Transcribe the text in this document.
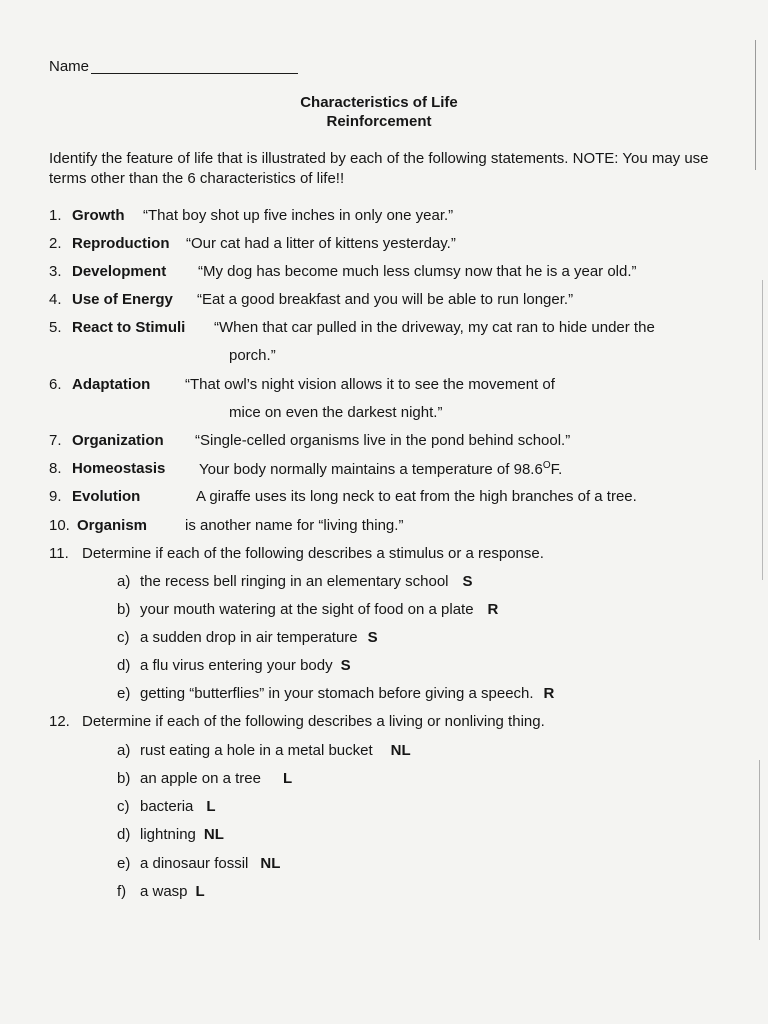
Name
Characteristics of Life
Reinforcement
Identify the feature of life that is illustrated by each of the following statements. NOTE: You may use terms other than the 6 characteristics of life!!
1. Growth “That boy shot up five inches in only one year.”
2. Reproduction “Our cat had a litter of kittens yesterday.”
3. Development “My dog has become much less clumsy now that he is a year old.”
4. Use of Energy “Eat a good breakfast and you will be able to run longer.”
5. React to Stimuli “When that car pulled in the driveway, my cat ran to hide under the
porch.”
6. Adaptation “That owl’s night vision allows it to see the movement of
mice on even the darkest night.”
7. Organization “Single-celled organisms live in the pond behind school.”
8. Homeostasis Your body normally maintains a temperature of $98.6^OF$.
9. Evolution	A giraffe uses its long neck to eat from the high branches of a tree.
10. Organism	is another name for “living thing.”
11. Determine if each of the following describes a stimulus or a response.
a) the recess bell ringing in an elementary school S
b) your mouth watering at the sight of food on a plate R
c) a sudden drop in air temperature S
d) a flu virus entering your body S
e) getting “butterflies” in your stomach before giving a speech. R
12. Determine if each of the following describes a living or nonliving thing.
a) rust eating a hole in a metal bucket NL
b) an apple on a tree L
c) bacteria L
d) lightning NL
e) a dinosaur fossil NL
f) a wasp L
